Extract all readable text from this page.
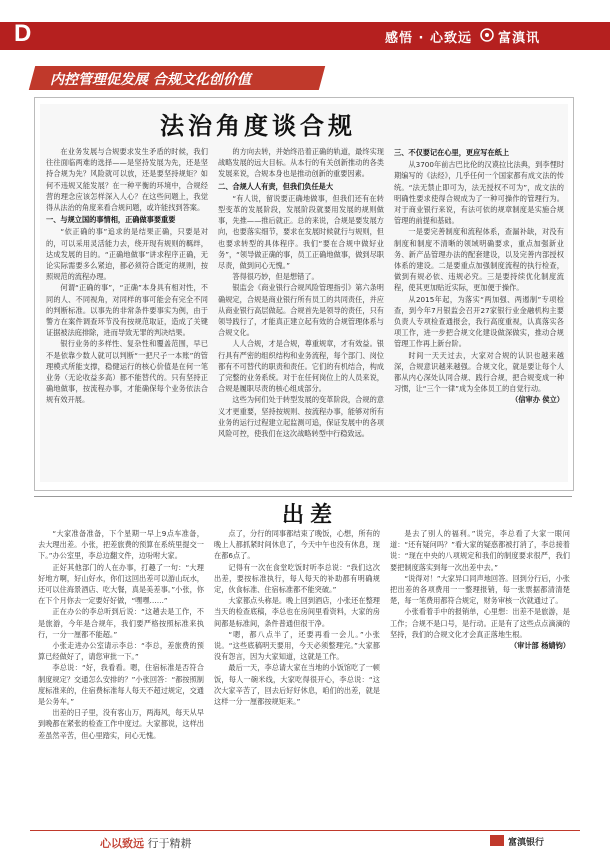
D	感悟 · 心致远 富滇讯
内控管理促发展 合规文化创价值
法治角度谈合规
在业务发展与合规要求发生矛盾的时候，我们往往面临两难的选择——是坚持发展为先，还是坚持合规为先？风险就可以放，还是要坚持规矩？如何不违规又能发展？在一种平衡的环境中，合规经营的理念应该怎样深入人心？在这些问题上，我觉得从法治的角度来看合规问题，或许能找到答案。
一、与规立国的事情相，正确做事要重要
“依正确的事”追求的是结果正确，只要是对的，可以采用灵活能力去，绕开现有规则的羁绊，达成发展的目的。“正确地做事”讲求程序正确，无论实际需要多么紧迫，都必须符合既定的规则，按照规范的流程办理。
何谓“正确的事”，“正确”本身具有相对性，不同的人、不同视角，对同样的事可能会有完全不同的判断标准。以事先的非常条件要事实为例，由于警方在案件调查环节没有按规范取证，造成了关键证据被法庭排除，进而导致无罪的判决结果。
银行业务的多样性、复杂性和覆盖范围，早已不是依靠少数人就可以判断“一把尺子一本账”的管理模式所能支撑，稳健运行的核心价值是在何一笔业务（无论收益多高）都不能替代的。只有坚持正确地做事，按流程办事，才能确保每个业务依法合规有效开展。
的方向去转，并始终沿着正确的轨道，最终实现战略发展的远大目标。从本行的有关创新推动的各类发展来说，合规本身也是推动创新的重要因素。
二、合规人人有责，但我们负任是大
“有人说，留说要正确地做事，但我们还有在转型变革的发展阶段，发展阶段就要用发展的规则做事，先推——推后就正。总的来说，合规是要发展方向，也要落实细节，要求在发展时候就行与规则，但也要求转型的具体程序。我们“要在合规中做好业务”，“领导做正确的事，员工正确地做事，做到尽职尽责，做到问心无愧。”
答得很巧妙，但是想错了。
银监会《商业银行合规风险管理指引》第六条明确规定，合规是商业银行所有员工的共同责任，并应从商业银行高层做起。合规首先是领导的责任，只有领导践行了，才能真正建立起有效的合规管理体系与合规文化。
人人合规，才是合规，尊重规章，才有效益。银行具有严密的组织结构和业务流程，每个部门、岗位都有不可替代的职责和责任。它们的有机结合，构成了完整的业务系统。对于在任何岗位上的人员来说，合规是履职尽责的核心组成部分。
这些为何们处于转型发展的变革阶段，合规的意义才更重要，坚持按规则、按流程办事，能够对所有业务的运行过程建立起监测可追，保证发展中的各项风险可控，使我们在这次战略转型中行稳致远。
三、不仅要记在心里，更应写在纸上
从3700年前古巴比伦的汉谟拉比法典，到李悝时期编写的《法经》，几乎任何一个国家都有成文法的传统。“法无禁止即可为，法无授权不可为”，成文法的明确性要求使得合规成为了一种可操作的管理行为。对于商业银行来说，有法可依的规章制度是实施合规管理的前提和基础。
一是要完善制度和流程体系，查漏补缺，对没有制度和制度不清晰的领域明确要求，重点加强新业务、新产品管理办法的配套建设，以及完善内部授权体系的建设。二是要重点加强制度流程的执行检查，做到有规必依、违规必究。三是要持续优化制度流程，使其更加贴近实际，更加便于操作。
从2015年起，为落实“两加强、两遏制”专项检查，到今年7月银监会召开27家银行业金融机构主要负责人专项检查通报会，我行高度重视，认真落实各项工作，进一步把合规文化建设做深做实，推动合规管理工作再上新台阶。
时间一天天过去，大家对合规的认识也越来越深，合规意识越来越强。合规文化，就是要让每个人都从内心深处认同合规、践行合规，把合规变成一种习惯，让“三个一律”成为全体员工的自觉行动。
（信审办 侯立）
出差
“大家准备准备，下个星期一早上9点车准备，去大理出差。小张，把差旅费的预算在系统里提交一下。”办公室里，李总边翻文件，边吩咐大家。
正好其他部门的人在办事，打趣了一句：“大理好地方啊，好山好水，你们这回出差可以游山玩水，还可以住海景酒店、吃大餐，真是美差事。”小张，你在下个月你去一定要好好做，“嘿嘿……”
正在办公的李总听到后说：“这趟去是工作，不是旅游，今年是合规年，我们要严格按照标准来执行，一分一厘都不能超。”
小张走进办公室请示李总：“李总，差旅费的预算已经做好了，请您审批一下。”
李总说：“好，我看看。嗯，住宿标准是否符合制度规定？交通怎么安排的？”小张回答：“都按照制度标准来的，住宿费标准每人每天不超过规定，交通是公务车。”
出差的日子里，没有客山万，两海风，每天从早到晚都在紧张的检查工作中度过。大家都说，这样出差虽然辛苦，但心里踏实，问心无愧。
点了，分行的同事都结束了晚饭，心想，所有的晚上人都抓紧时间休息了，今天中午也没有休息，现在都6点了。
记得有一次在食堂吃饭时听李总说：“我们这次出差，要按标准执行，每人每天的补助都有明确规定，伙食标准、住宿标准都不能突破。”
大家都点头称是。晚上回到酒店，小张还在整理当天的检查底稿，李总也在房间里看资料，大家的房间都是标准间，条件普通但很干净。
“嗯，都八点半了，还要再看一会儿。”小张说。“这些底稿明天要用，今天必须整理完。”大家都没有怨言，因为大家知道，这就是工作。
最后一天，李总请大家在当地的小饭馆吃了一顿饭，每人一碗米线，大家吃得很开心，李总说：“这次大家辛苦了，回去后好好休息，咱们的出差，就是这样一分一厘都按规矩来。”
是去了别人的福利。”说完，李总看了大家一眼问道：“还有疑问吗？”看大家的疑惑都被打消了，李总接着说：“现在中央的八项规定和我们的制度要求很严，我们要把制度落实到每一次出差中去。”
“说得对！”大家异口同声地回答。回到分行后，小张把出差的各项费用一一整理报销，每一张票据都清清楚楚，每一笔费用都符合规定，财务审核一次就通过了。
小张看着手中的报销单，心里想：出差不是旅游，是工作；合规不是口号，是行动。正是有了这些点点滴滴的坚持，我们的合规文化才会真正落地生根。
（审计部 杨婧钧）
心以致远 行于精耕	富滇银行
